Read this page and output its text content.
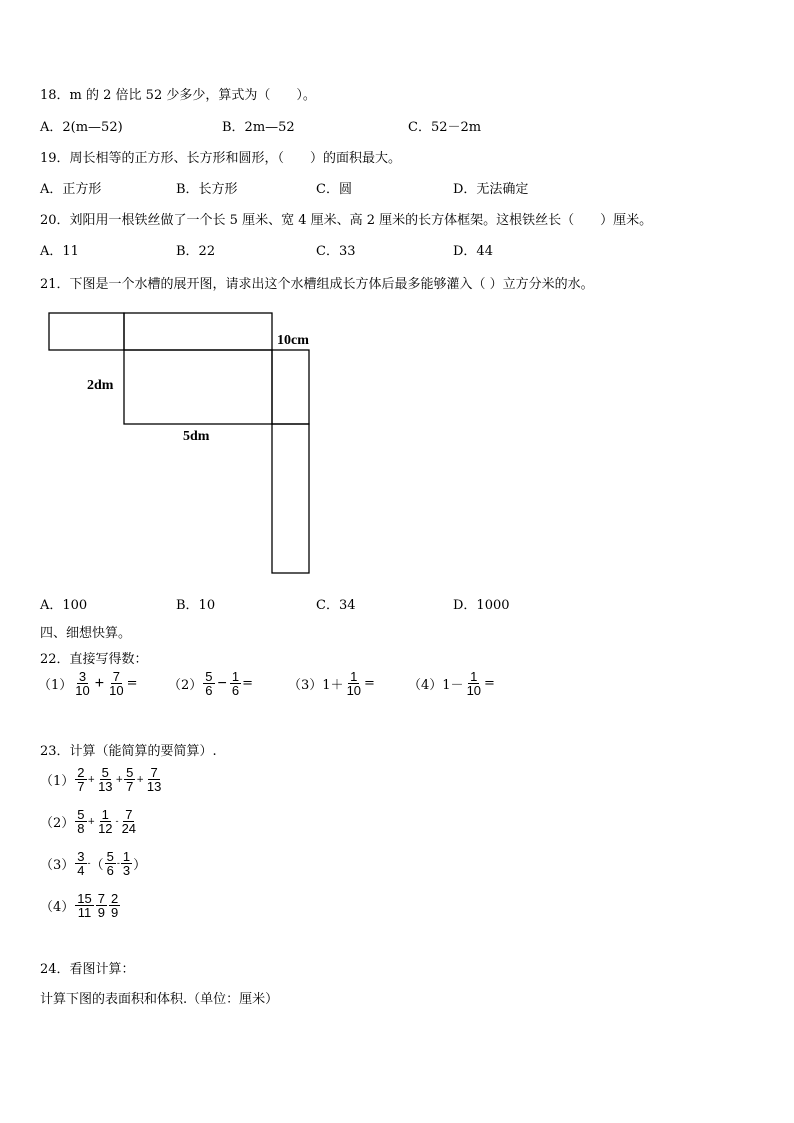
18．m 的 2 倍比 52 少多少，算式为（　　）。
A．2(m—52)	B．2m—52	C．52－2m
19．周长相等的正方形、长方形和圆形，（　　）的面积最大。
A．正方形	B．长方形	C．圆	D．无法确定
20．刘阳用一根铁丝做了一个长 5 厘米、宽 4 厘米、高 2 厘米的长方体框架。这根铁丝长（　　）厘米。
A．11	B．22	C．33	D．44
21．下图是一个水槽的展开图，请求出这个水槽组成长方体后最多能够灌入（ ）立方分米的水。
10cm
2dm
5dm
A．100	B．10	C．34	D．1000
四、细想快算。
22．直接写得数：
$(1) \frac{3}{10} + \frac{7}{10} = (2) \frac{5}{6} - \frac{1}{6}$ =	（3） $1+ \frac{1}{10}$ =	（4） $1- \frac{1}{10}$ =
23．计算（能简算的要简算）.
$(1) \frac{2}{7} + \frac{5}{13} + \frac{5}{7} + \frac{7}{13}$
$(2) \frac{5}{8} + \frac{1}{12} - \frac{7}{24}$
$(3) \frac{3}{4}$ - （ $\frac{5}{6} - \frac{1}{3}$ ）
$(4) \frac{15}{11} \frac{7}{9} \frac{2}{9}$
24．看图计算：
计算下图的表面积和体积.（单位：厘米）
